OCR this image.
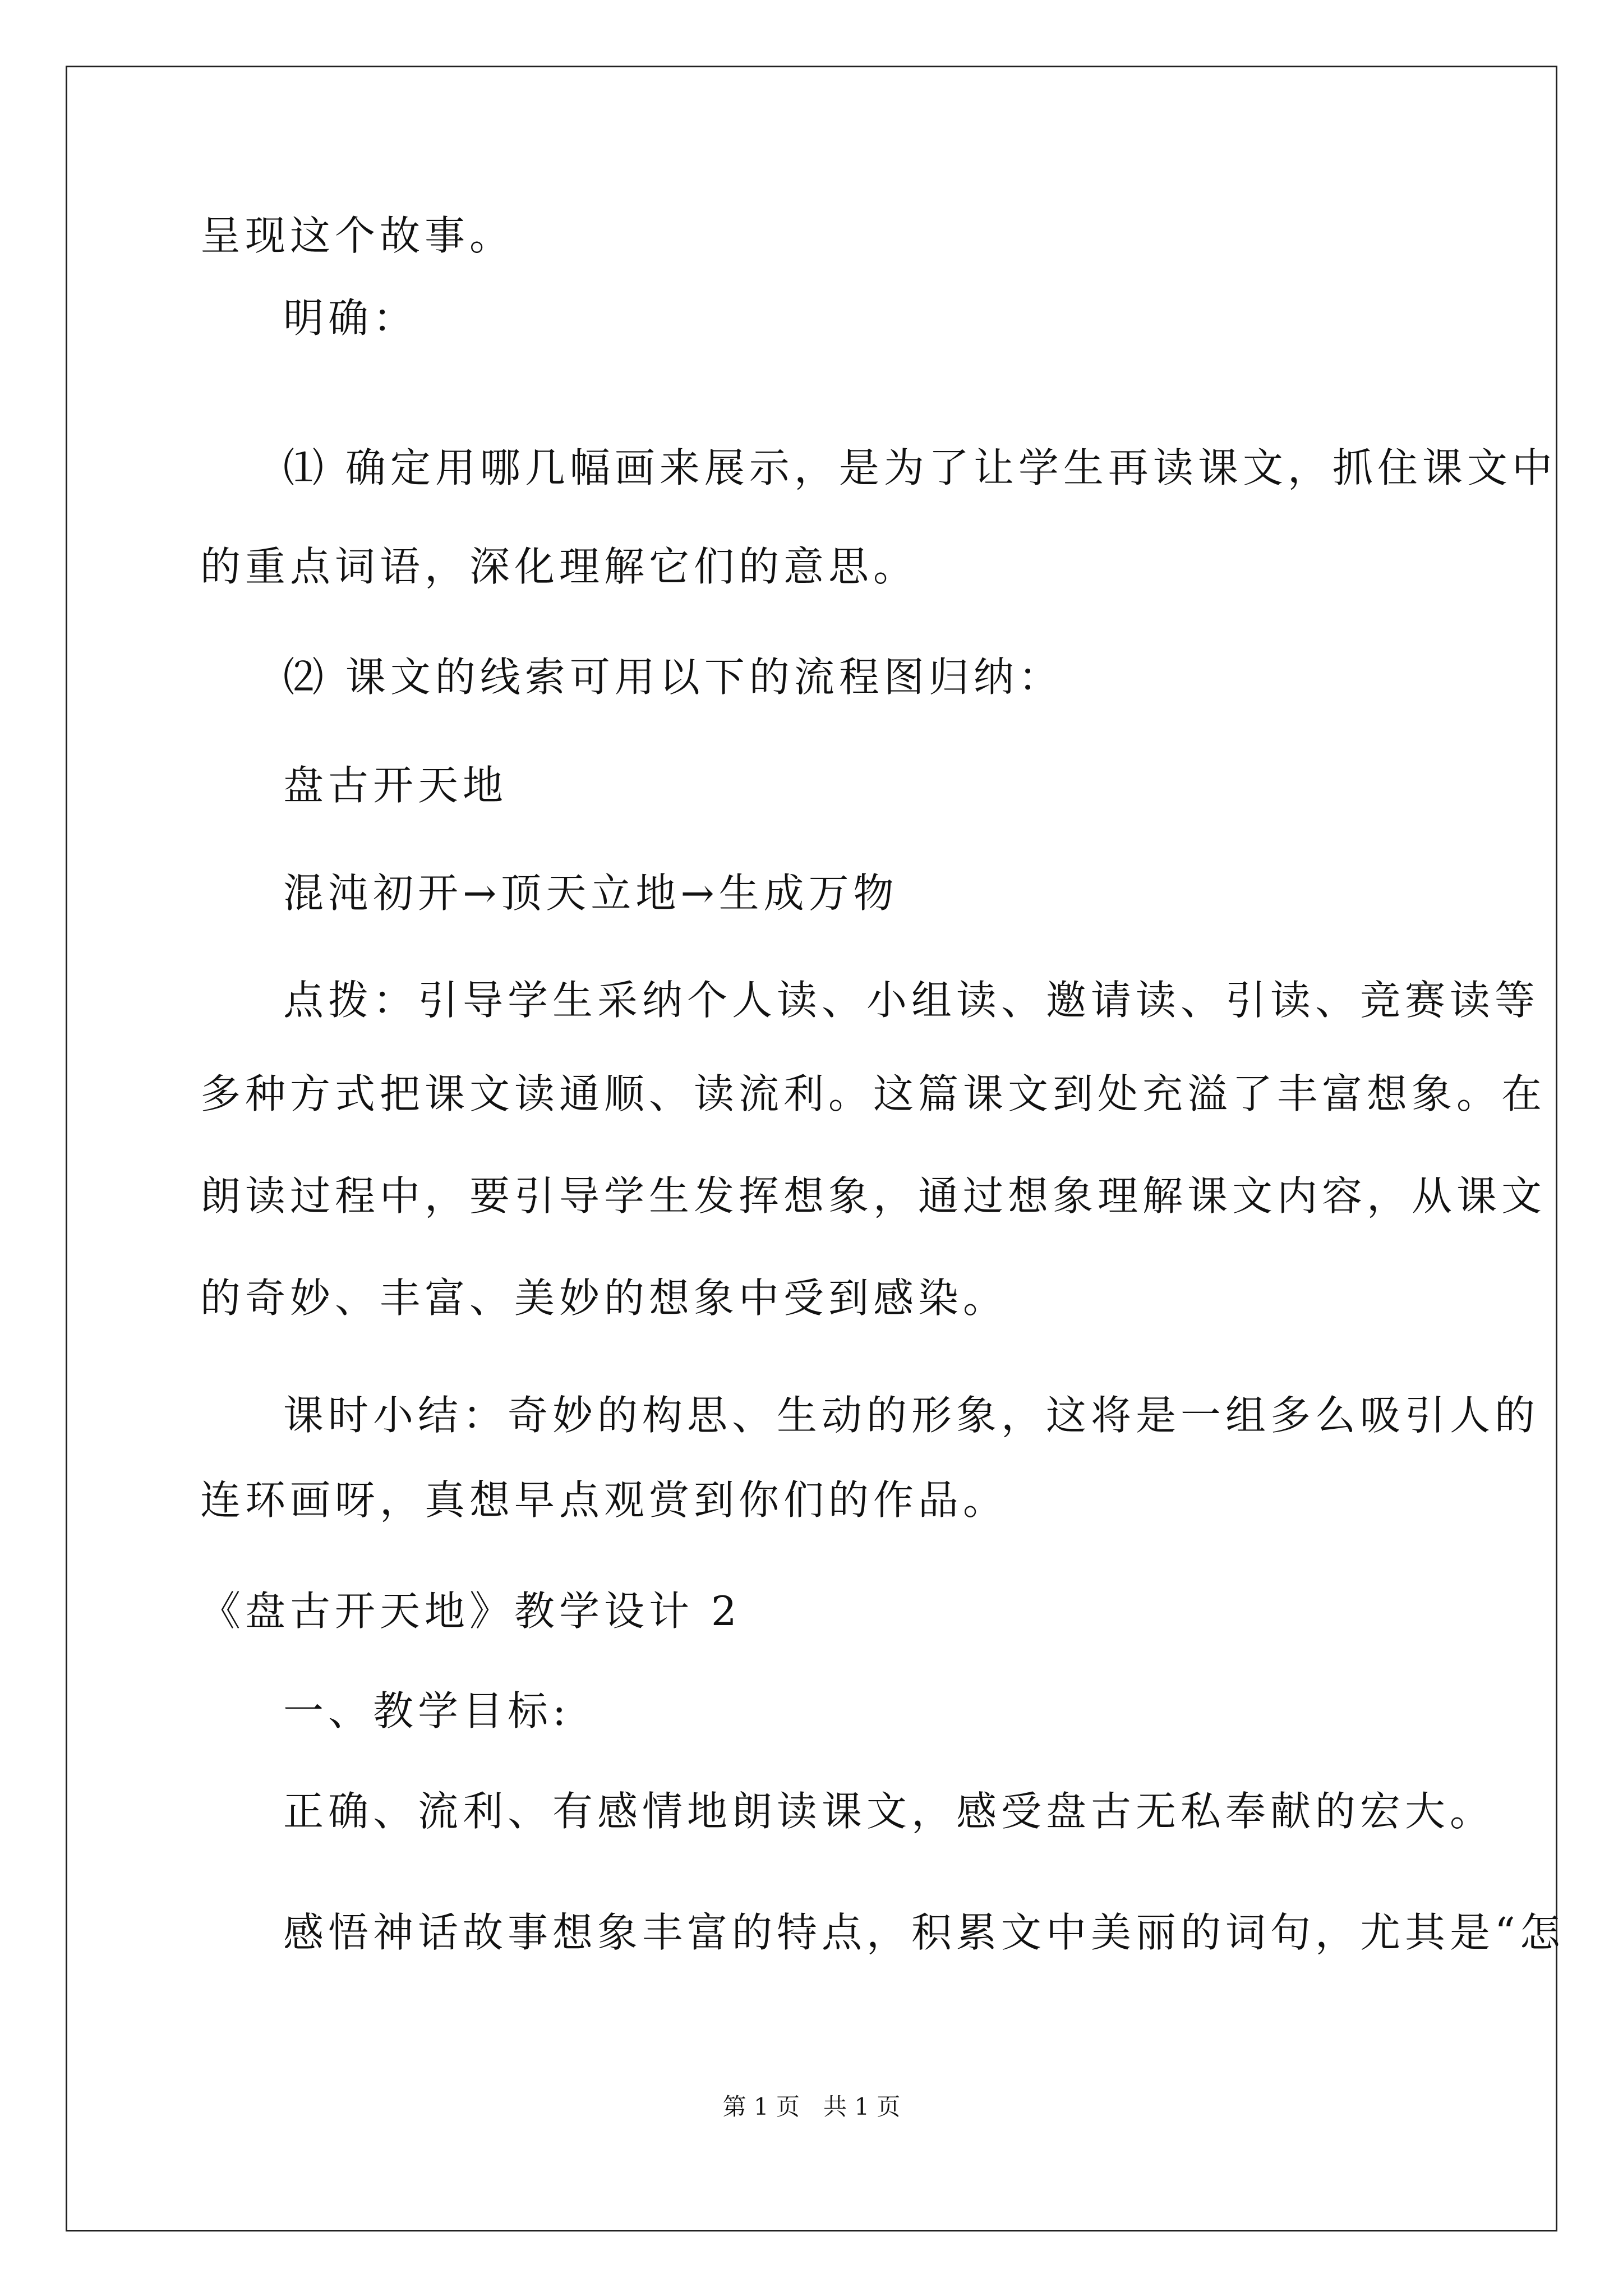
呈现这个故事。
明确：
⑴ 确定用哪几幅画来展示，是为了让学生再读课文，抓住课文中
的重点词语，深化理解它们的意思。
⑵ 课文的线索可用以下的流程图归纳：
盘古开天地
混沌初开→顶天立地→生成万物
点拨：引导学生采纳个人读、小组读、邀请读、引读、竞赛读等
多种方式把课文读通顺、读流利。这篇课文到处充溢了丰富想象。在
朗读过程中，要引导学生发挥想象，通过想象理解课文内容，从课文
的奇妙、丰富、美妙的想象中受到感染。
课时小结：奇妙的构思、生动的形象，这将是一组多么吸引人的
连环画呀，真想早点观赏到你们的作品。
《盘古开天地》教学设计 2
一、教学目标:
正确、流利、有感情地朗读课文，感受盘古无私奉献的宏大。
感悟神话故事想象丰富的特点，积累文中美丽的词句，尤其是“怎
第 1 页　共 1 页
